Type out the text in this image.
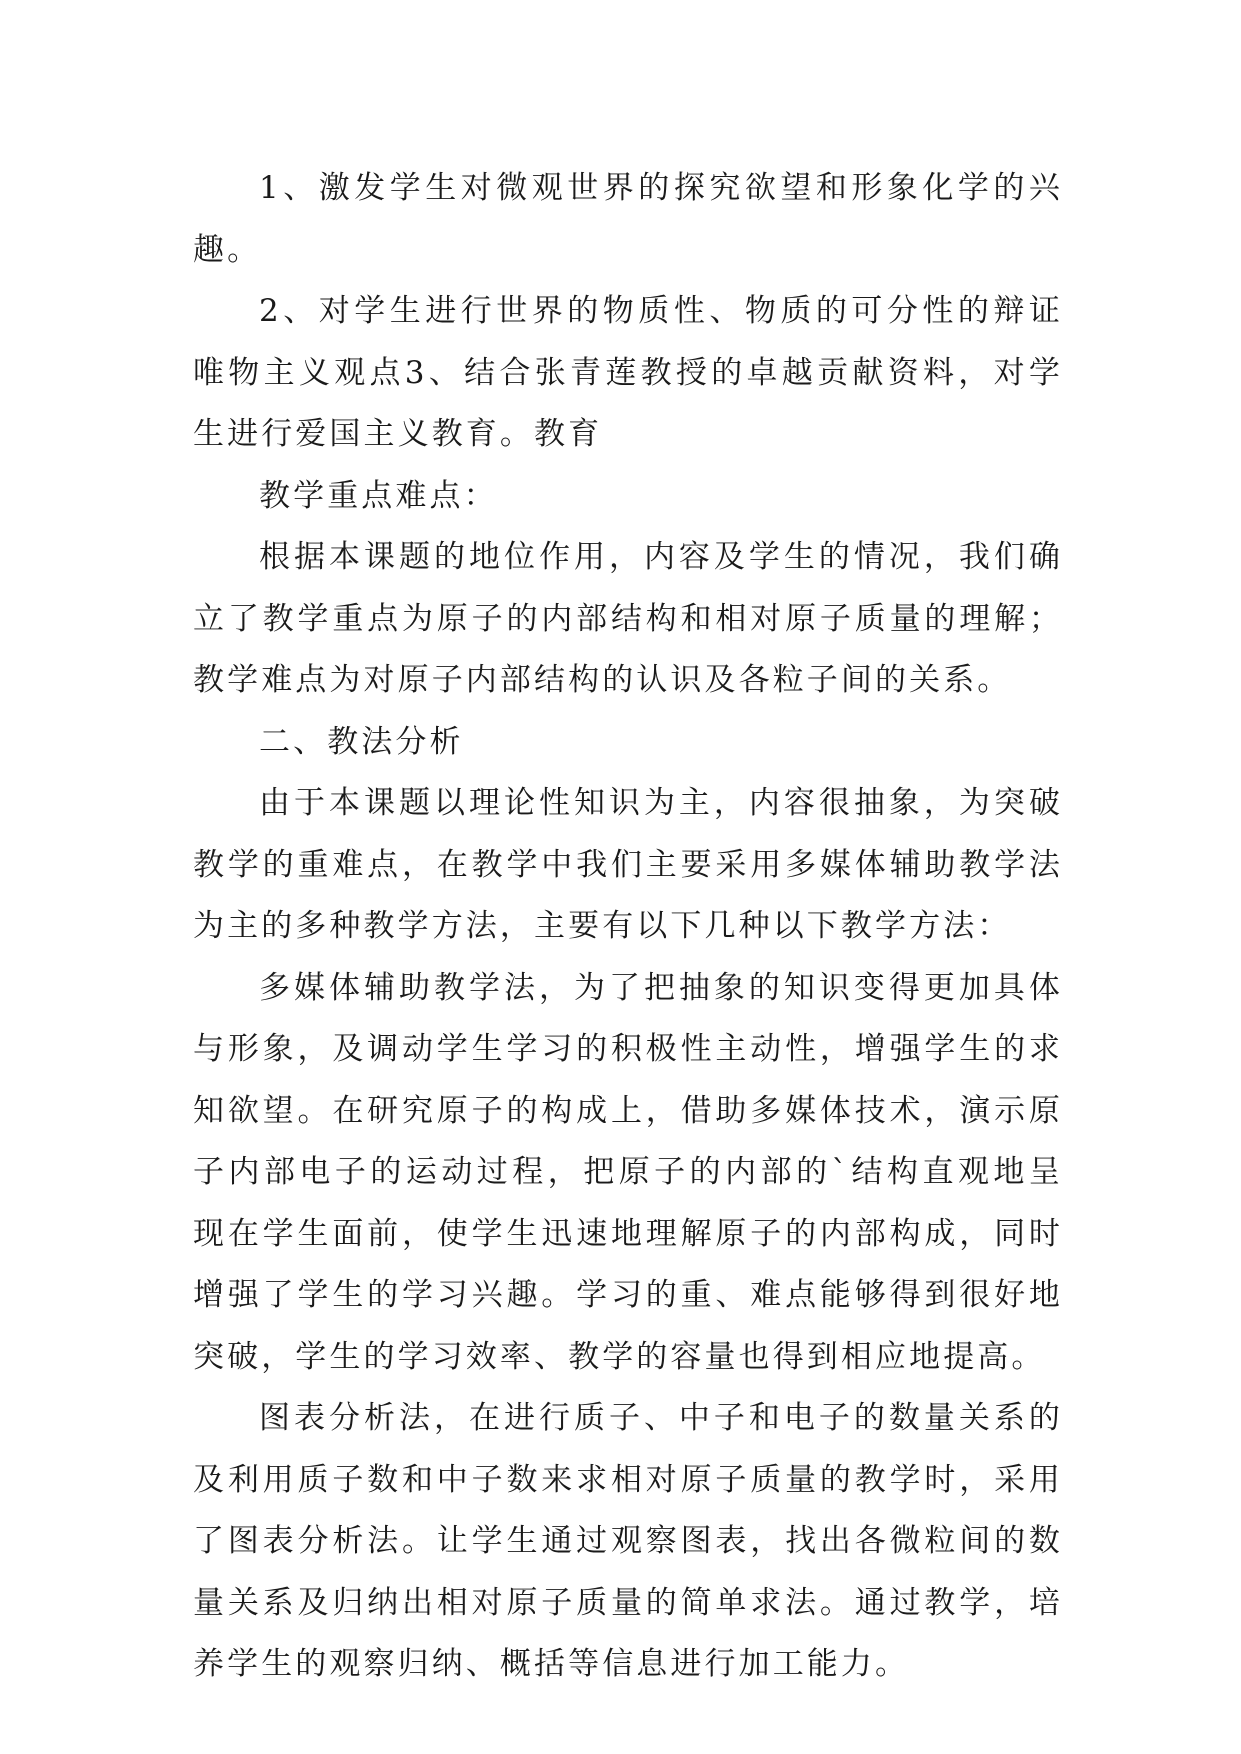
1、激发学生对微观世界的探究欲望和形象化学的兴趣。

2、对学生进行世界的物质性、物质的可分性的辩证唯物主义观点3、结合张青莲教授的卓越贡献资料，对学生进行爱国主义教育。教育

教学重点难点：

根据本课题的地位作用，内容及学生的情况，我们确立了教学重点为原子的内部结构和相对原子质量的理解；教学难点为对原子内部结构的认识及各粒子间的关系。

二、教法分析

由于本课题以理论性知识为主，内容很抽象，为突破教学的重难点，在教学中我们主要采用多媒体辅助教学法为主的多种教学方法，主要有以下几种以下教学方法：

多媒体辅助教学法，为了把抽象的知识变得更加具体与形象，及调动学生学习的积极性主动性，增强学生的求知欲望。在研究原子的构成上，借助多媒体技术，演示原子内部电子的运动过程，把原子的内部的`结构直观地呈现在学生面前，使学生迅速地理解原子的内部构成，同时增强了学生的学习兴趣。学习的重、难点能够得到很好地突破，学生的学习效率、教学的容量也得到相应地提高。

图表分析法，在进行质子、中子和电子的数量关系的及利用质子数和中子数来求相对原子质量的教学时，采用了图表分析法。让学生通过观察图表，找出各微粒间的数量关系及归纳出相对原子质量的简单求法。通过教学，培养学生的观察归纳、概括等信息进行加工能力。
